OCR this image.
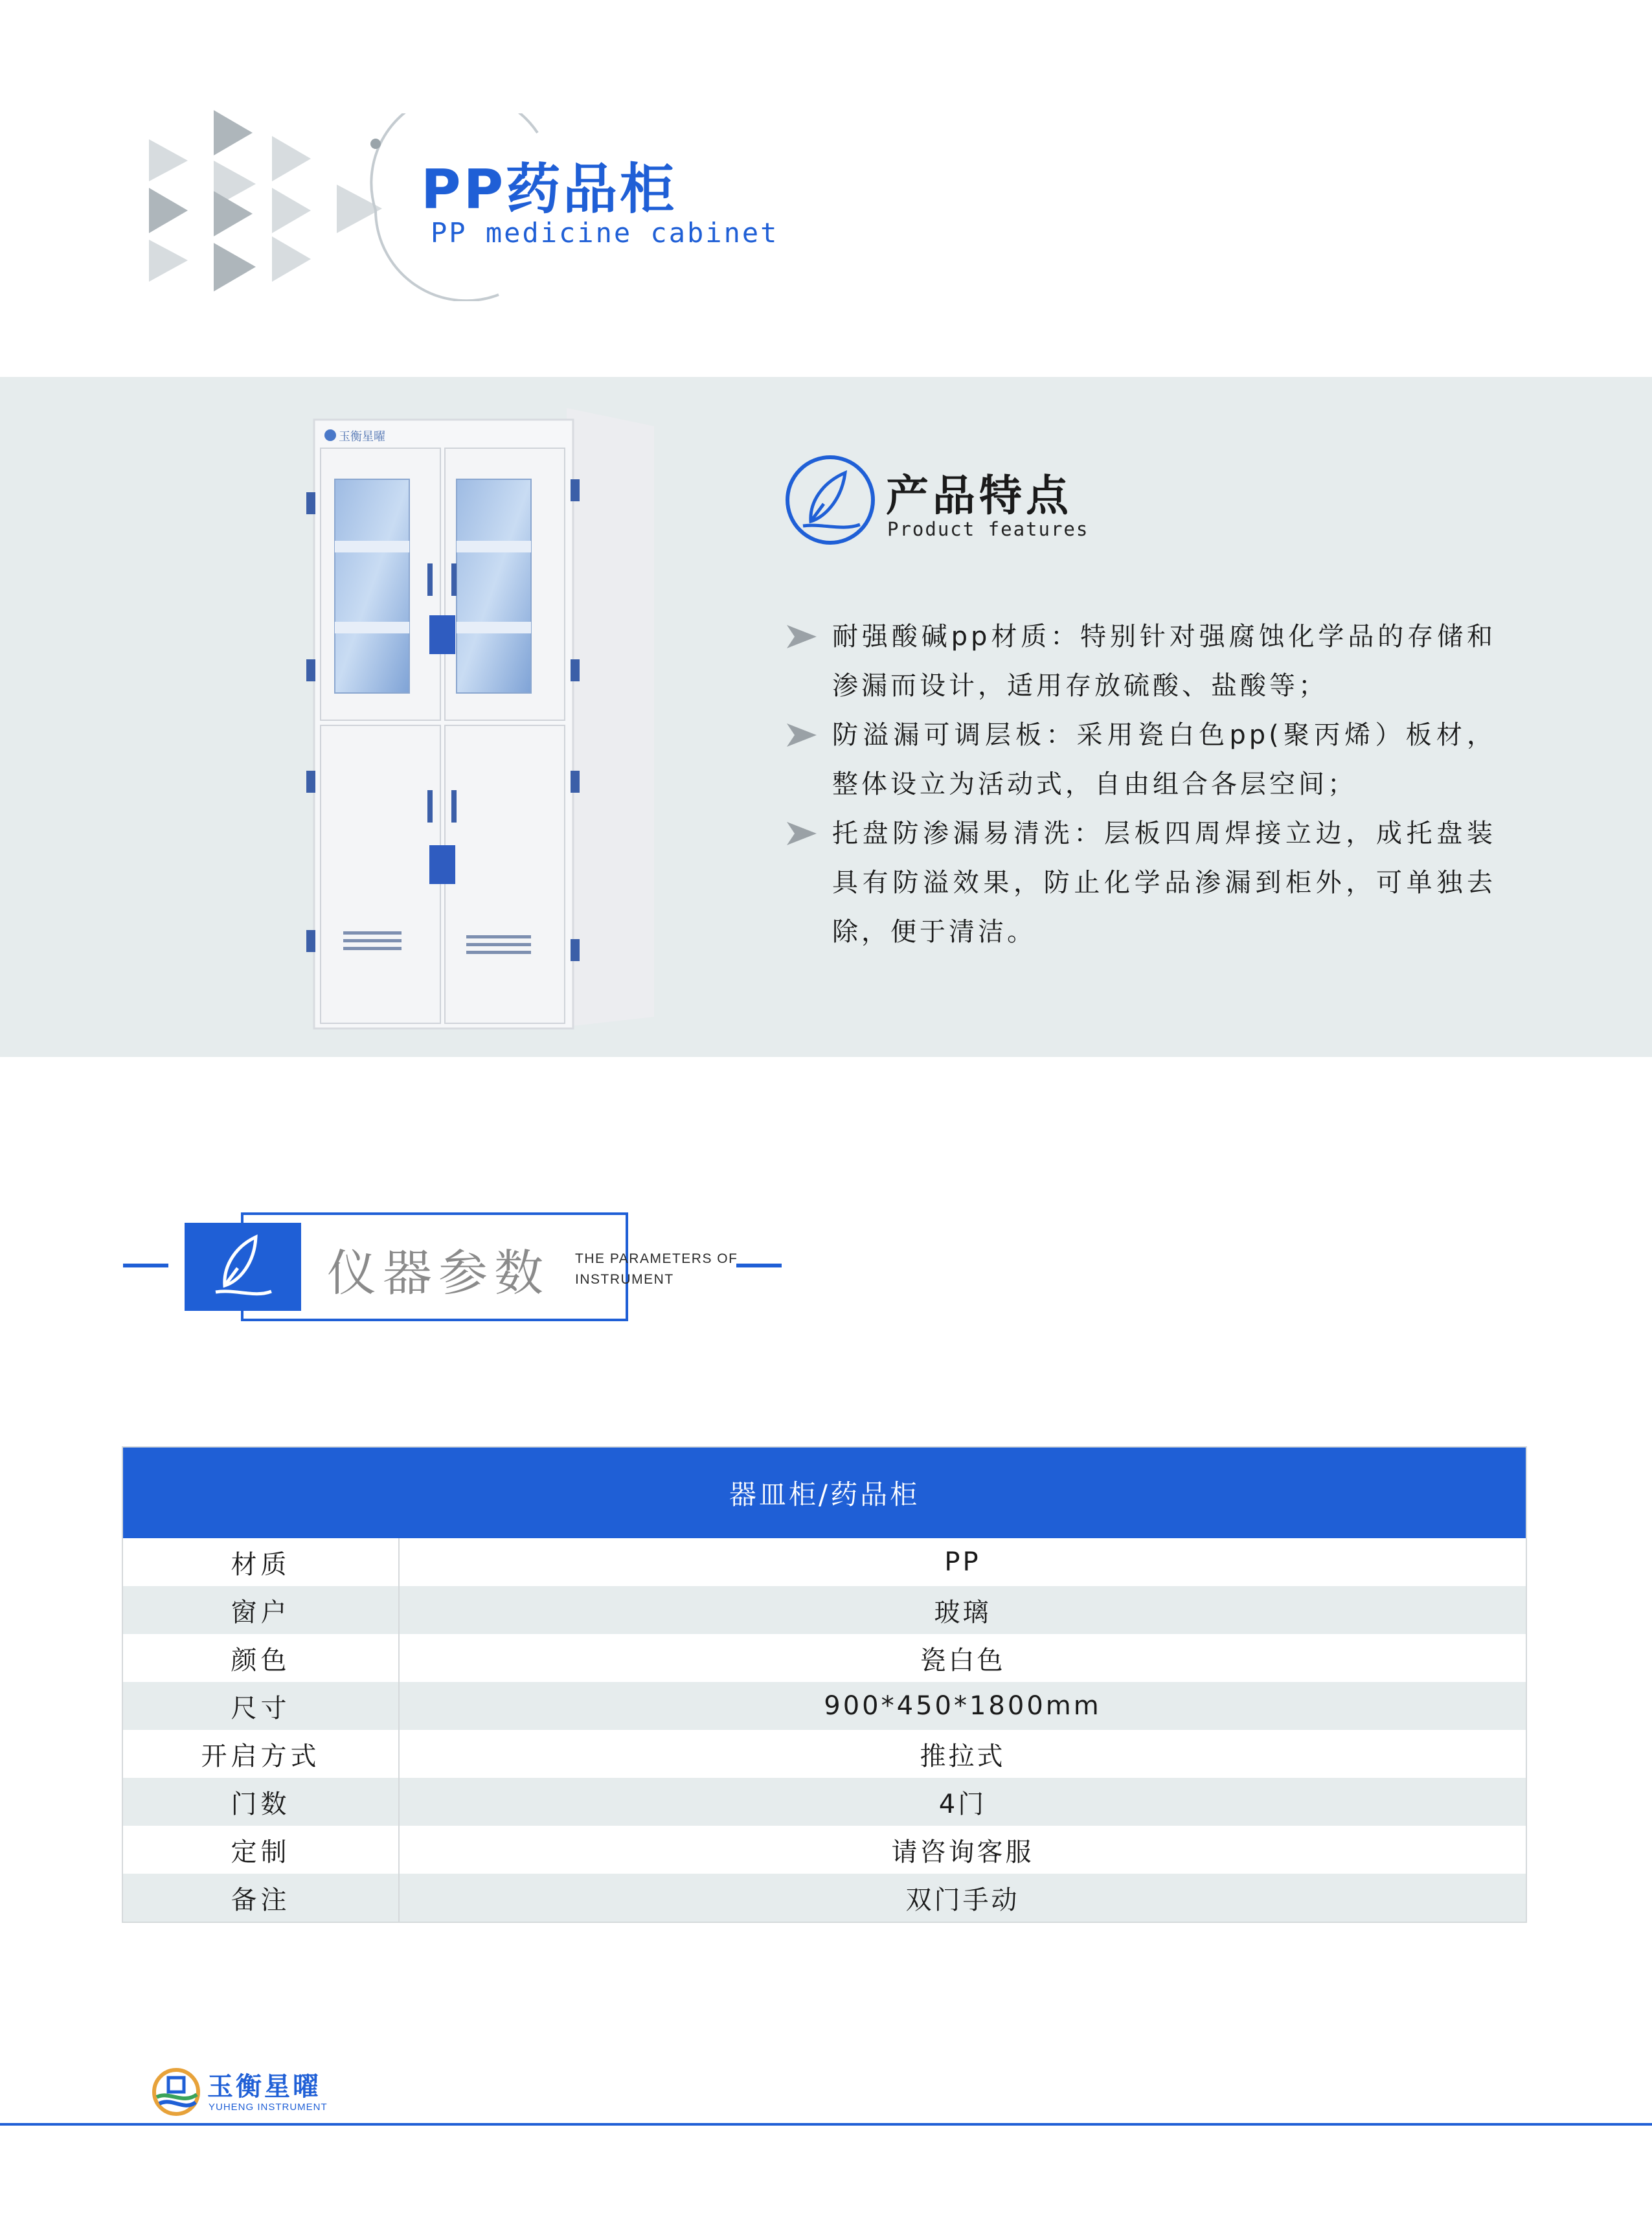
PP药品柜
PP medicine cabinet
玉衡星曜
产品特点
Product features
耐强酸碱pp材质：特别针对强腐蚀化学品的存储和渗漏而设计，适用存放硫酸、盐酸等；
防溢漏可调层板：采用瓷白色pp(聚丙烯）板材，整体设立为活动式，自由组合各层空间；
托盘防渗漏易清洗：层板四周焊接立边，成托盘装具有防溢效果，防止化学品渗漏到柜外，可单独去除，便于清洁。
仪器参数 THE PARAMETERS OF
INSTRUMENT
器皿柜/药品柜
材质	PP
窗户	玻璃
颜色	瓷白色
尺寸	900*450*1800mm
开启方式	推拉式
门数	4门
定制	请咨询客服
备注	双门手动
玉衡星曜
YUHENG INSTRUMENT
